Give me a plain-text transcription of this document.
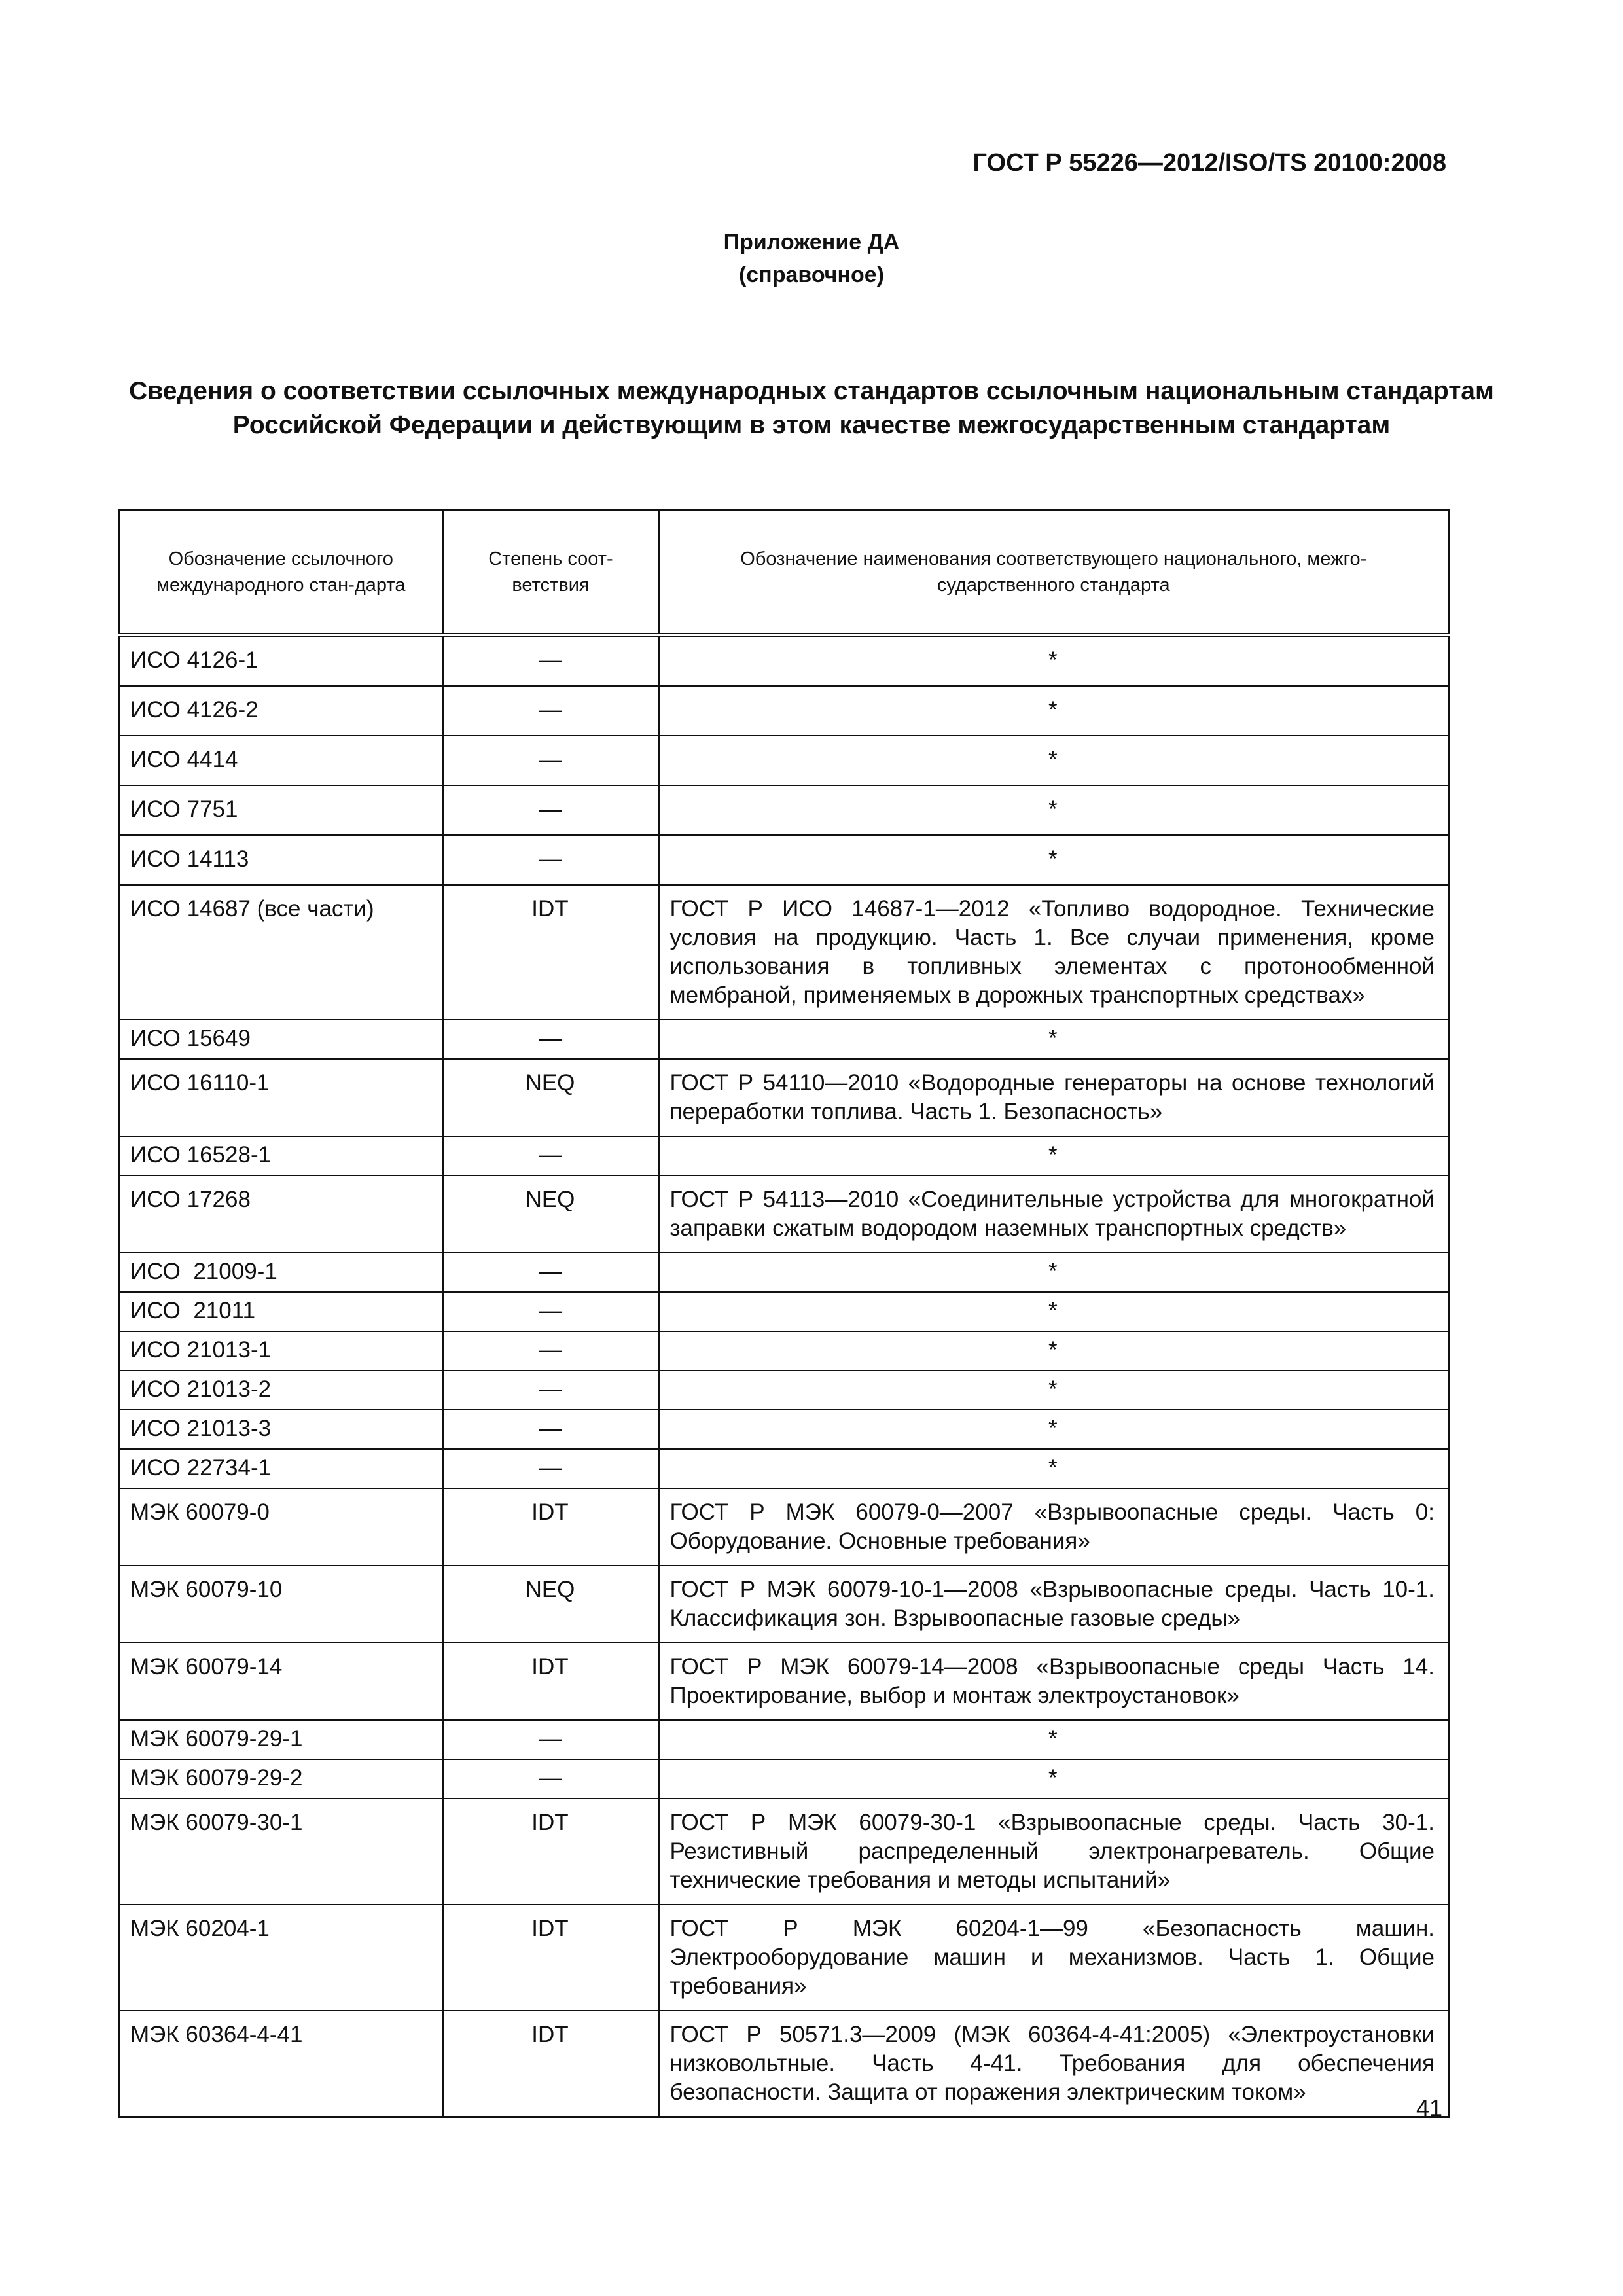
ГОСТ Р 55226—2012/ISO/TS 20100:2008
Приложение ДА
(справочное)
Сведения о соответствии ссылочных международных стандартов ссылочным национальным стандартам Российской Федерации и действующим в этом качестве межгосударственным стандартам
Обозначение ссылочного международного стан-дарта	Степень соот-ветствия	Обозначение наименования соответствующего национального, межго-сударственного стандарта
ИСО 4126-1	—	*
ИСО 4126-2	—	*
ИСО 4414	—	*
ИСО 7751	—	*
ИСО 14113	—	*
ИСО 14687 (все части)	IDT	ГОСТ Р ИСО 14687-1—2012 «Топливо водородное. Технические условия на продукцию. Часть 1. Все случаи применения, кроме использования в топливных элементах с протонообменной мембраной, применяемых в дорожных транспортных средствах»
ИСО 15649	—	*
ИСО 16110-1	NEQ	ГОСТ Р 54110—2010 «Водородные генераторы на основе технологий переработки топлива. Часть 1. Безопасность»
ИСО 16528-1	—	*
ИСО 17268	NEQ	ГОСТ Р 54113—2010 «Соединительные устройства для многократной заправки сжатым водородом наземных транспортных средств»
ИСО  21009-1	—	*
ИСО  21011	—	*
ИСО 21013-1	—	*
ИСО 21013-2	—	*
ИСО 21013-3	—	*
ИСО 22734-1	—	*
МЭК 60079-0	IDT	ГОСТ Р МЭК 60079-0—2007 «Взрывоопасные среды. Часть 0: Оборудование. Основные требования»
МЭК 60079-10	NEQ	ГОСТ Р МЭК 60079-10-1—2008 «Взрывоопасные среды. Часть 10-1. Классификация зон. Взрывоопасные газовые среды»
МЭК 60079-14	IDT	ГОСТ Р МЭК 60079-14—2008 «Взрывоопасные среды Часть 14. Проектирование, выбор и монтаж электроустановок»
МЭК 60079-29-1	—	*
МЭК 60079-29-2	—	*
МЭК 60079-30-1	IDT	ГОСТ Р МЭК 60079-30-1 «Взрывоопасные среды. Часть 30-1. Резистивный распределенный электронагреватель. Общие технические требования и методы испытаний»
МЭК 60204-1	IDT	ГОСТ Р МЭК 60204-1—99 «Безопасность машин. Электрооборудование машин и механизмов. Часть 1. Общие требования»
МЭК 60364-4-41	IDT	ГОСТ Р 50571.3—2009 (МЭК 60364-4-41:2005) «Электроустановки низковольтные. Часть 4-41. Требования для обеспечения безопасности. Защита от поражения электрическим током»
41
